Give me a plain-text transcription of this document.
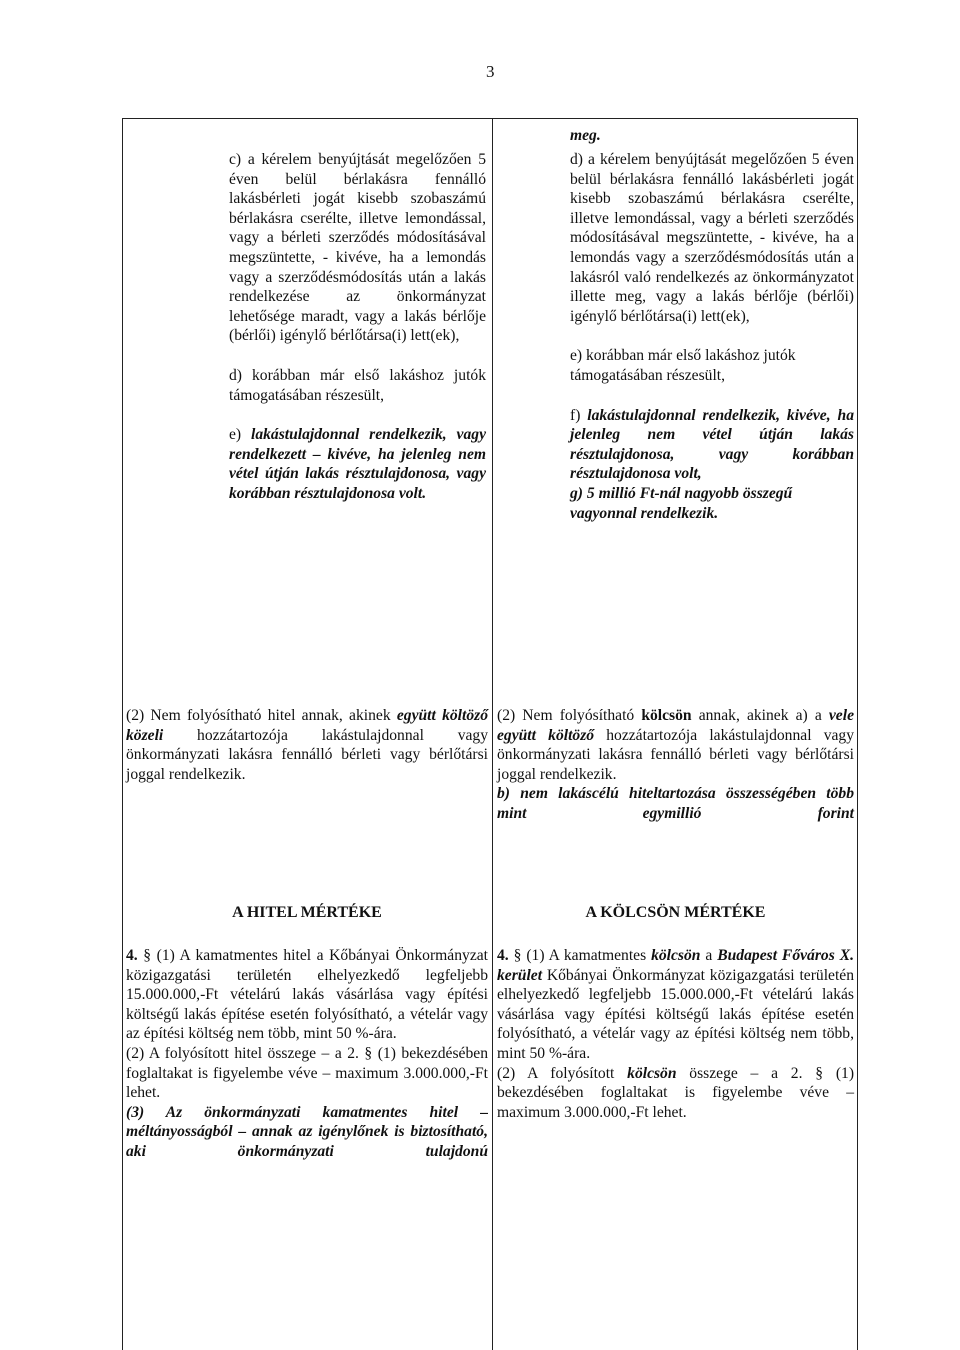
3

c) a kérelem benyújtását megelőzően 5 éven belül bérlakásra fennálló lakásbérleti jogát kisebb szobaszámú bérlakásra cserélte, illetve lemondással, vagy a bérleti szerződés módosításával megszüntette, - kivéve, ha a lemondás vagy a szerződésmódosítás után a lakás rendelkezése az önkormányzat lehetősége maradt, vagy a lakás bérlője (bérlői) igénylő bérlőtársa(i) lett(ek),

d) korábban már első lakáshoz jutók támogatásában részesült,

e) lakástulajdonnal rendelkezik, vagy rendelkezett – kivéve, ha jelenleg nem vétel útján lakás résztulajdonosa, vagy korábban résztulajdonosa volt.

(2) Nem folyósítható hitel annak, akinek együtt költöző közeli hozzátartozója lakástulajdonnal vagy önkormányzati lakásra fennálló bérleti vagy bérlőtársi joggal rendelkezik.

A HITEL MÉRTÉKE

4. § (1) A kamatmentes hitel a Kőbányai Önkormányzat közigazgatási területén elhelyezkedő legfeljebb 15.000.000,-Ft vételárú lakás vásárlása vagy építési költségű lakás építése esetén folyósítható, a vételár vagy az építési költség nem több, mint 50 %-ára.

(2) A folyósított hitel összege – a 2. § (1) bekezdésében foglaltakat is figyelembe véve – maximum 3.000.000,-Ft lehet.

(3) Az önkormányzati kamatmentes hitel – méltányosságból – annak az igénylőnek is biztosítható, aki önkormányzati tulajdonú

meg.

d) a kérelem benyújtását megelőzően 5 éven belül bérlakásra fennálló lakásbérleti jogát kisebb szobaszámú bérlakásra cserélte, illetve lemondással, vagy a bérleti szerződés módosításával megszüntette, - kivéve, ha a lemondás vagy a szerződésmódosítás után a lakásról való rendelkezés az önkormányzatot illette meg, vagy a lakás bérlője (bérlői) igénylő bérlőtársa(i) lett(ek),

e) korábban már első lakáshoz jutók támogatásában részesült,

f) lakástulajdonnal rendelkezik, kivéve, ha jelenleg nem vétel útján lakás résztulajdonosa, vagy korábban résztulajdonosa volt,

g) 5 millió Ft-nál nagyobb összegű vagyonnal rendelkezik.

(2) Nem folyósítható kölcsön annak, akinek a) a vele együtt költöző hozzátartozója lakástulajdonnal vagy önkormányzati lakásra fennálló bérleti vagy bérlőtársi joggal rendelkezik.

b) nem lakáscélú hiteltartozása összességében több mint egymillió forint

A KÖLCSÖN MÉRTÉKE

4. § (1) A kamatmentes kölcsön a Budapest Főváros X. kerület Kőbányai Önkormányzat közigazgatási területén elhelyezkedő legfeljebb 15.000.000,-Ft vételárú lakás vásárlása vagy építési költségű lakás építése esetén folyósítható, a vételár vagy az építési költség nem több, mint 50 %-ára.

(2) A folyósított kölcsön összege – a 2. § (1) bekezdésében foglaltakat is figyelembe véve – maximum 3.000.000,-Ft lehet.
